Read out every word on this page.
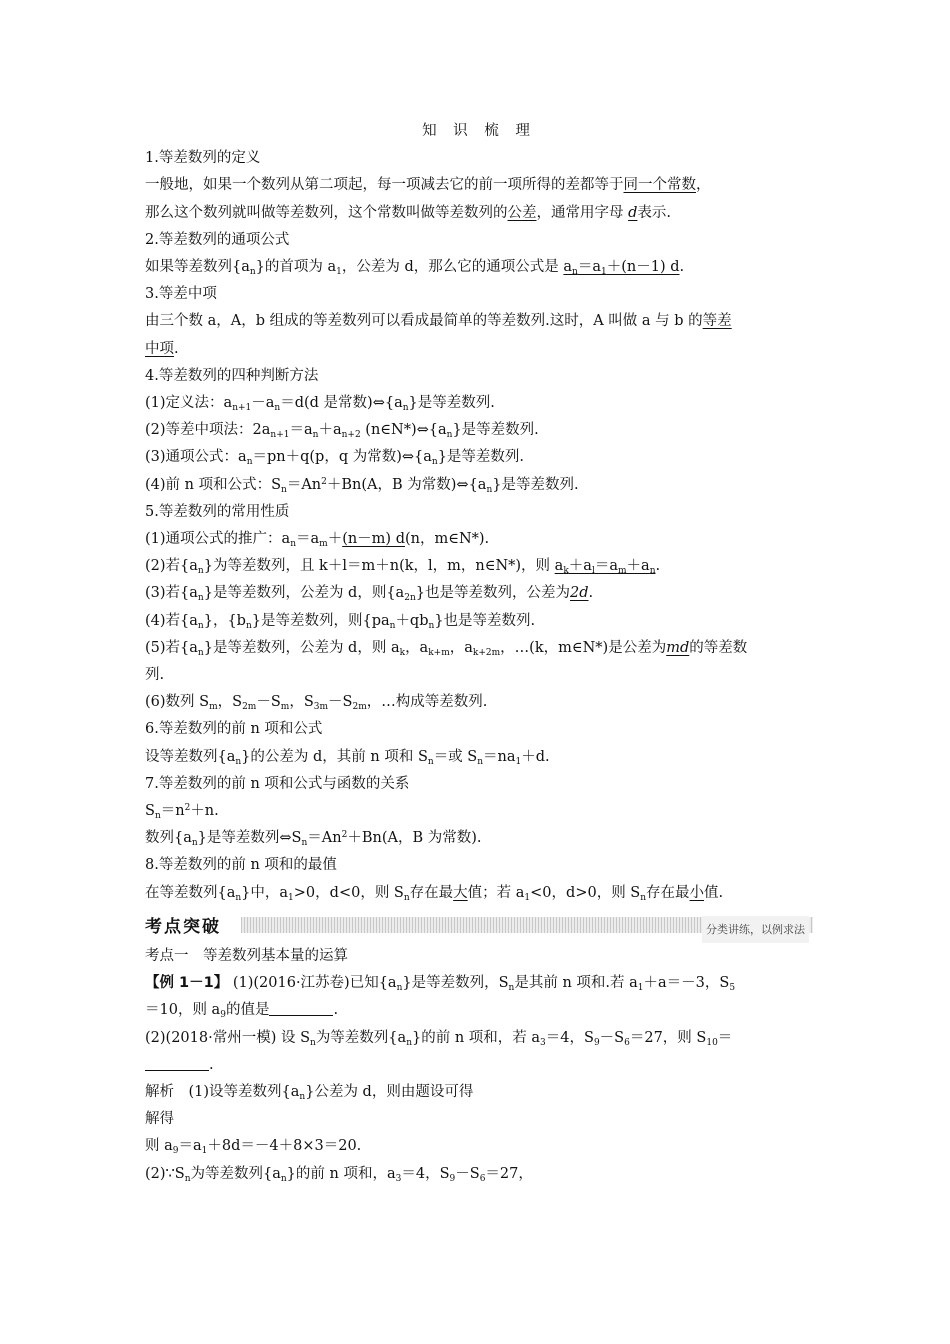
知 识 梳 理
1.等差数列的定义
一般地，如果一个数列从第二项起，每一项减去它的前一项所得的差都等于同一个常数，
那么这个数列就叫做等差数列，这个常数叫做等差数列的公差，通常用字母 d表示.
2.等差数列的通项公式
如果等差数列$\{a_n\}$的首项为 $a_1$，公差为 d，那么它的通项公式是 $a_n=a_1+(n-1)$ d.
3.等差中项
由三个数 a，A，b 组成的等差数列可以看成最简单的等差数列.这时，A 叫做 a 与 b 的等差
中项.
4.等差数列的四种判断方法
(1)定义法：$a_{n+1}-a_n=d(d$ 是常数)$\Leftrightarrow\{a_n\}$是等差数列.
(2)等差中项法：$2a_{n+1}=a_n+a_{n+2}$ $(n\in N*)\Leftrightarrow\{a_n\}$是等差数列.
(3)通项公式：$a_n=pn+q(p$，q 为常数)$\Leftrightarrow\{a_n\}$是等差数列.
(4)前 n 项和公式：$S_n=An^2+Bn(A$，B 为常数)$\Leftrightarrow\{a_n\}$是等差数列.
5.等差数列的常用性质
(1)通项公式的推广：$a_n=a_m+(n-m)$ d(n，m∈N*).
(2)若$\{a_n\}$为等差数列，且 k＋l＝m＋n(k，l，m，n∈N*)，则 $a_k+a_l=a_m+a_n$.
(3)若$\{a_n\}$是等差数列，公差为 d，则$\{a_{2n}\}$也是等差数列，公差为2d.
(4)若$\{a_n\}$，$\{b_n\}$是等差数列，则$\{pa_n+qb_n\}$也是等差数列.
(5)若$\{a_n\}$是等差数列，公差为 d，则 $a_k$，$a_{k+m}$，$a_{k+2m}$，…(k，m∈N*)是公差为md的等差数
列.
(6)数列 $S_m$，$S_{2m}-S_m$，$S_{3m}-S_{2m}$，…构成等差数列.
6.等差数列的前 n 项和公式
设等差数列$\{a_n\}$的公差为 d，其前 n 项和 $S_n=$或 $S_n=na_1+d$.
7.等差数列的前 n 项和公式与函数的关系
$S_n=n^2+n$.
数列$\{a_n\}$是等差数列$\Leftrightarrow S_n=An^2+Bn(A$，B 为常数).
8.等差数列的前 n 项和的最值
在等差数列$\{a_n\}$中，$a_1>0$，d<0，则 $S_n$存在最大值；若 $a_1<0$，d>0，则 $S_n$存在最小值.
考点突破	分类讲练，以例求法
考点一　等差数列基本量的运算
【例 1－1】 (1)(2016·江苏卷)已知$\{a_n\}$是等差数列，$S_n$是其前 n 项和.若 $a_1+a=-3$，$S_5$
＝10，则 $a_9$的值是	.
(2)(2018·常州一模) 设 $S_n$为等差数列$\{a_n\}$的前 n 项和，若 $a_3=4$，$S_9-S_6=27$，则 $S_{10}=$
.
解析　(1)设等差数列$\{a_n\}$公差为 d，则由题设可得
解得
则 $a_9=a_1+8d=-4+8\times 3=20$.
$(2)\because S_n$为等差数列$\{a_n\}$的前 n 项和，$a_3=4$，$S_9-S_6=27$，
